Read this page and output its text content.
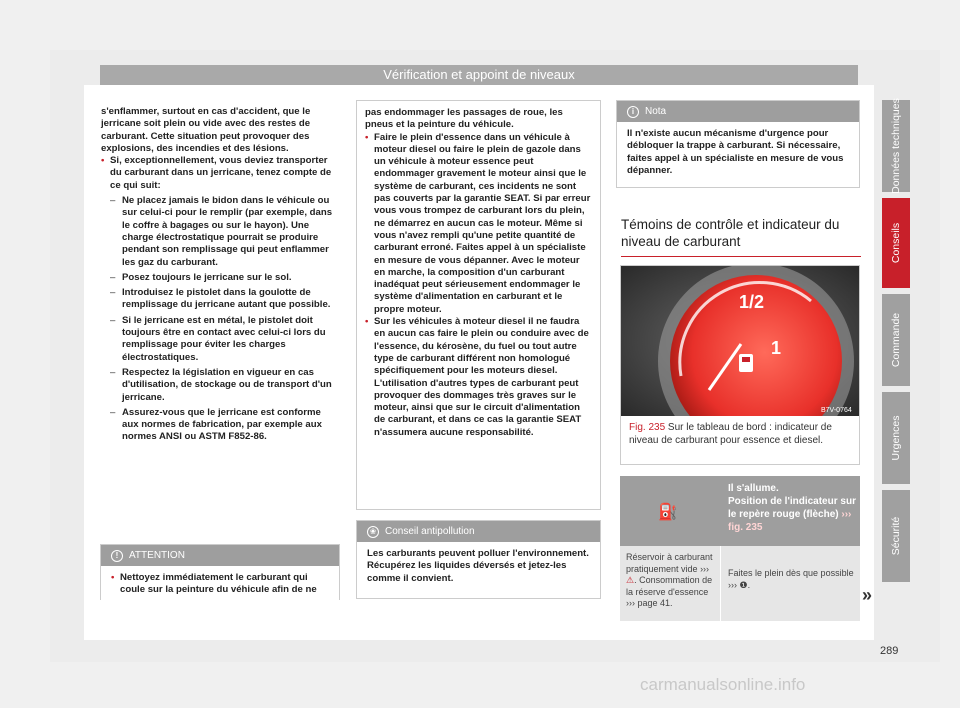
Vérification et appoint de niveaux
s'enflammer, surtout en cas d'accident, que le jerricane soit plein ou vide avec des restes de carburant. Cette situation peut provoquer des explosions, des incendies et des lésions.
• Si, exceptionnellement, vous deviez transporter du carburant dans un jerricane, tenez compte de ce qui suit:
– Ne placez jamais le bidon dans le véhicule ou sur celui-ci pour le remplir (par exemple, dans le coffre à bagages ou sur le hayon). Une charge électrostatique pourrait se produire pendant son remplissage qui peut enflammer les gaz du carburant.
– Posez toujours le jerricane sur le sol.
– Introduisez le pistolet dans la goulotte de remplissage du jerricane autant que possible.
– Si le jerricane est en métal, le pistolet doit toujours être en contact avec celui-ci lors du remplissage pour éviter les charges électrostatiques.
– Respectez la législation en vigueur en cas d'utilisation, de stockage ou de transport d'un jerricane.
– Assurez-vous que le jerricane est conforme aux normes de fabrication, par exemple aux normes ANSI ou ASTM F852-86.
!	ATTENTION
• Nettoyez immédiatement le carburant qui coule sur la peinture du véhicule afin de ne
pas endommager les passages de roue, les pneus et la peinture du véhicule.
• Faire le plein d'essence dans un véhicule à moteur diesel ou faire le plein de gazole dans un véhicule à moteur essence peut endommager gravement le moteur ainsi que le système de carburant, ces incidents ne sont pas couverts par la garantie SEAT. Si par erreur vous vous trompez de carburant lors du plein, ne démarrez en aucun cas le moteur. Même si vous n'avez rempli qu'une petite quantité de carburant erroné. Faites appel à un spécialiste en mesure de vous dépanner. Avec le moteur en marche, la composition d'un carburant inadéquat peut sérieusement endommager le système d'alimentation en carburant et le propre moteur.
• Sur les véhicules à moteur diesel il ne faudra en aucun cas faire le plein ou conduire avec de l'essence, du kérosène, du fuel ou tout autre type de carburant différent non homologué spécifiquement pour les moteurs diesel. L'utilisation d'autres types de carburant peut provoquer des dommages très graves sur le moteur, ainsi que sur le circuit d'alimentation de carburant, et dans ce cas la garantie SEAT n'assumera aucune responsabilité.
❀ Conseil antipollution
Les carburants peuvent polluer l'environnement. Récupérez les liquides déversés et jetez-les comme il convient.
i	Nota
Il n'existe aucun mécanisme d'urgence pour débloquer la trappe à carburant. Si nécessaire, faites appel à un spécialiste en mesure de vous dépanner.
Témoins de contrôle et indicateur du niveau de carburant
1/2
1
B7V-0764
Fig. 235 Sur le tableau de bord : indicateur de niveau de carburant pour essence et diesel.
⛽
Il s'allume.
Position de l'indicateur sur le repère rouge (flèche) ››› fig. 235
Réservoir à carburant pratiquement vide ››› ⚠. Consommation de la réserve d'essence ››› page 41.
Faites le plein dès que possible ››› ❶.
»
Données techniques
Conseils
Commande
Urgences
Sécurité
289
carmanualsonline.info
